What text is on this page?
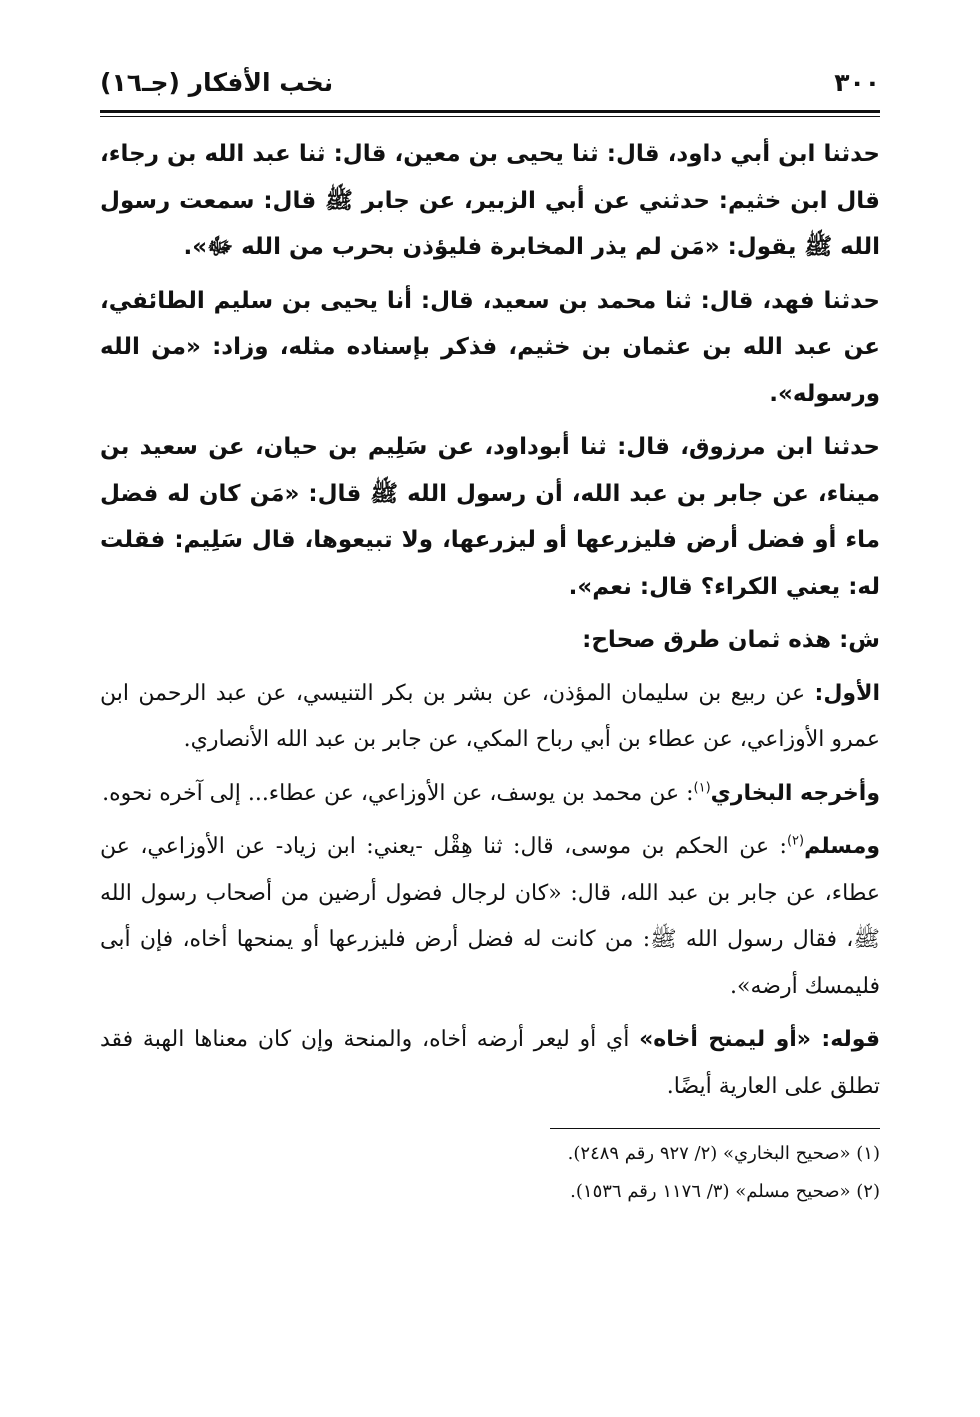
٣٠٠
نخب الأفكار (جـ١٦)

حدثنا ابن أبي داود، قال: ثنا يحيى بن معين، قال: ثنا عبد الله بن رجاء، قال ابن خثيم: حدثني عن أبي الزبير، عن جابر ﷺ قال: سمعت رسول الله ﷺ يقول: «مَن لم يذر المخابرة فليؤذن بحرب من الله ﷻ».

حدثنا فهد، قال: ثنا محمد بن سعيد، قال: أنا يحيى بن سليم الطائفي، عن عبد الله بن عثمان بن خثيم، فذكر بإسناده مثله، وزاد: «من الله ورسوله».

حدثنا ابن مرزوق، قال: ثنا أبوداود، عن سَلِيم بن حيان، عن سعيد بن ميناء، عن جابر بن عبد الله، أن رسول الله ﷺ قال: «مَن كان له فضل ماء أو فضل أرض فليزرعها أو ليزرعها، ولا تبيعوها، قال سَلِيم: فقلت له: يعني الكراء؟ قال: نعم».

ش: هذه ثمان طرق صحاح:

الأول: عن ربيع بن سليمان المؤذن، عن بشر بن بكر التنيسي، عن عبد الرحمن ابن عمرو الأوزاعي، عن عطاء بن أبي رباح المكي، عن جابر بن عبد الله الأنصاري.

وأخرجه البخاري$^{(١)}$: عن محمد بن يوسف، عن الأوزاعي، عن عطاء... إلى آخره نحوه.

ومسلم$^{(٢)}$: عن الحكم بن موسى، قال: ثنا هِقْل -يعني: ابن زياد- عن الأوزاعي، عن عطاء، عن جابر بن عبد الله، قال: «كان لرجال فضول أرضين من أصحاب رسول الله ﷺ، فقال رسول الله ﷺ: من كانت له فضل أرض فليزرعها أو يمنحها أخاه، فإن أبى فليمسك أرضه».

قوله: «أو ليمنح أخاه» أي أو ليعر أرضه أخاه، والمنحة وإن كان معناها الهبة فقد تطلق على العارية أيضًا.

(١) «صحيح البخاري» (٢/ ٩٢٧ رقم ٢٤٨٩).

(٢) «صحيح مسلم» (٣/ ١١٧٦ رقم ١٥٣٦).
